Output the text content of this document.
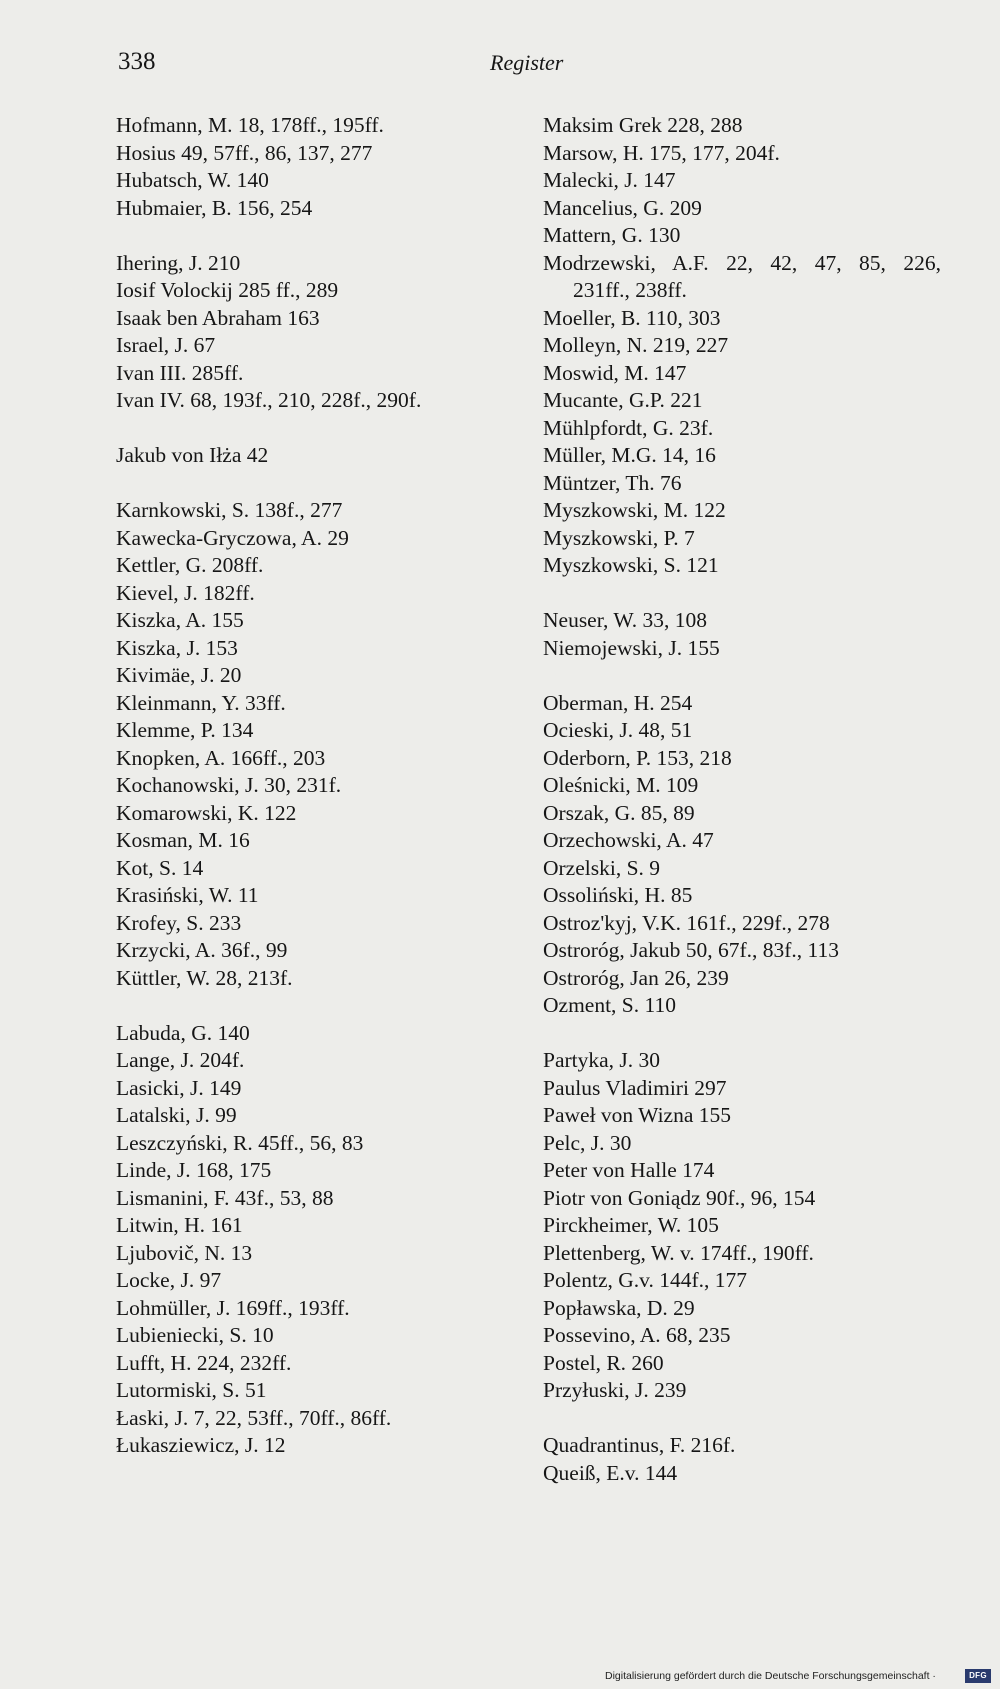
338	Register
Hofmann, M. 18, 178ff., 195ff.
Hosius 49, 57ff., 86, 137, 277
Hubatsch, W. 140
Hubmaier, B. 156, 254
Ihering, J. 210
Iosif Volockij 285 ff., 289
Isaak ben Abraham 163
Israel, J. 67
Ivan III. 285ff.
Ivan IV. 68, 193f., 210, 228f., 290f.
Jakub von Iłża 42
Karnkowski, S. 138f., 277
Kawecka-Gryczowa, A. 29
Kettler, G. 208ff.
Kievel, J. 182ff.
Kiszka, A. 155
Kiszka, J. 153
Kivimäe, J. 20
Kleinmann, Y. 33ff.
Klemme, P. 134
Knopken, A. 166ff., 203
Kochanowski, J. 30, 231f.
Komarowski, K. 122
Kosman, M. 16
Kot, S. 14
Krasiński, W. 11
Krofey, S. 233
Krzycki, A. 36f., 99
Küttler, W. 28, 213f.
Labuda, G. 140
Lange, J. 204f.
Lasicki, J. 149
Latalski, J. 99
Leszczyński, R. 45ff., 56, 83
Linde, J. 168, 175
Lismanini, F. 43f., 53, 88
Litwin, H. 161
Ljubovič, N. 13
Locke, J. 97
Lohmüller, J. 169ff., 193ff.
Lubieniecki, S. 10
Lufft, H. 224, 232ff.
Lutormiski, S. 51
Łaski, J. 7, 22, 53ff., 70ff., 86ff.
Łukasziewicz, J. 12
Maksim Grek 228, 288
Marsow, H. 175, 177, 204f.
Malecki, J. 147
Mancelius, G. 209
Mattern, G. 130
Modrzewski, A.F. 22, 42, 47, 85, 226,
231ff., 238ff.
Moeller, B. 110, 303
Molleyn, N. 219, 227
Moswid, M. 147
Mucante, G.P. 221
Mühlpfordt, G. 23f.
Müller, M.G. 14, 16
Müntzer, Th. 76
Myszkowski, M. 122
Myszkowski, P. 7
Myszkowski, S. 121
Neuser, W. 33, 108
Niemojewski, J. 155
Oberman, H. 254
Ocieski, J. 48, 51
Oderborn, P. 153, 218
Oleśnicki, M. 109
Orszak, G. 85, 89
Orzechowski, A. 47
Orzelski, S. 9
Ossoliński, H. 85
Ostroz'kyj, V.K. 161f., 229f., 278
Ostroróg, Jakub 50, 67f., 83f., 113
Ostroróg, Jan 26, 239
Ozment, S. 110
Partyka, J. 30
Paulus Vladimiri 297
Paweł von Wizna 155
Pelc, J. 30
Peter von Halle 174
Piotr von Goniądz 90f., 96, 154
Pirckheimer, W. 105
Plettenberg, W. v. 174ff., 190ff.
Polentz, G.v. 144f., 177
Popławska, D. 29
Possevino, A. 68, 235
Postel, R. 260
Przyłuski, J. 239
Quadrantinus, F. 216f.
Queiß, E.v. 144
Digitalisierung gefördert durch die Deutsche Forschungsgemeinschaft ·	DFG
